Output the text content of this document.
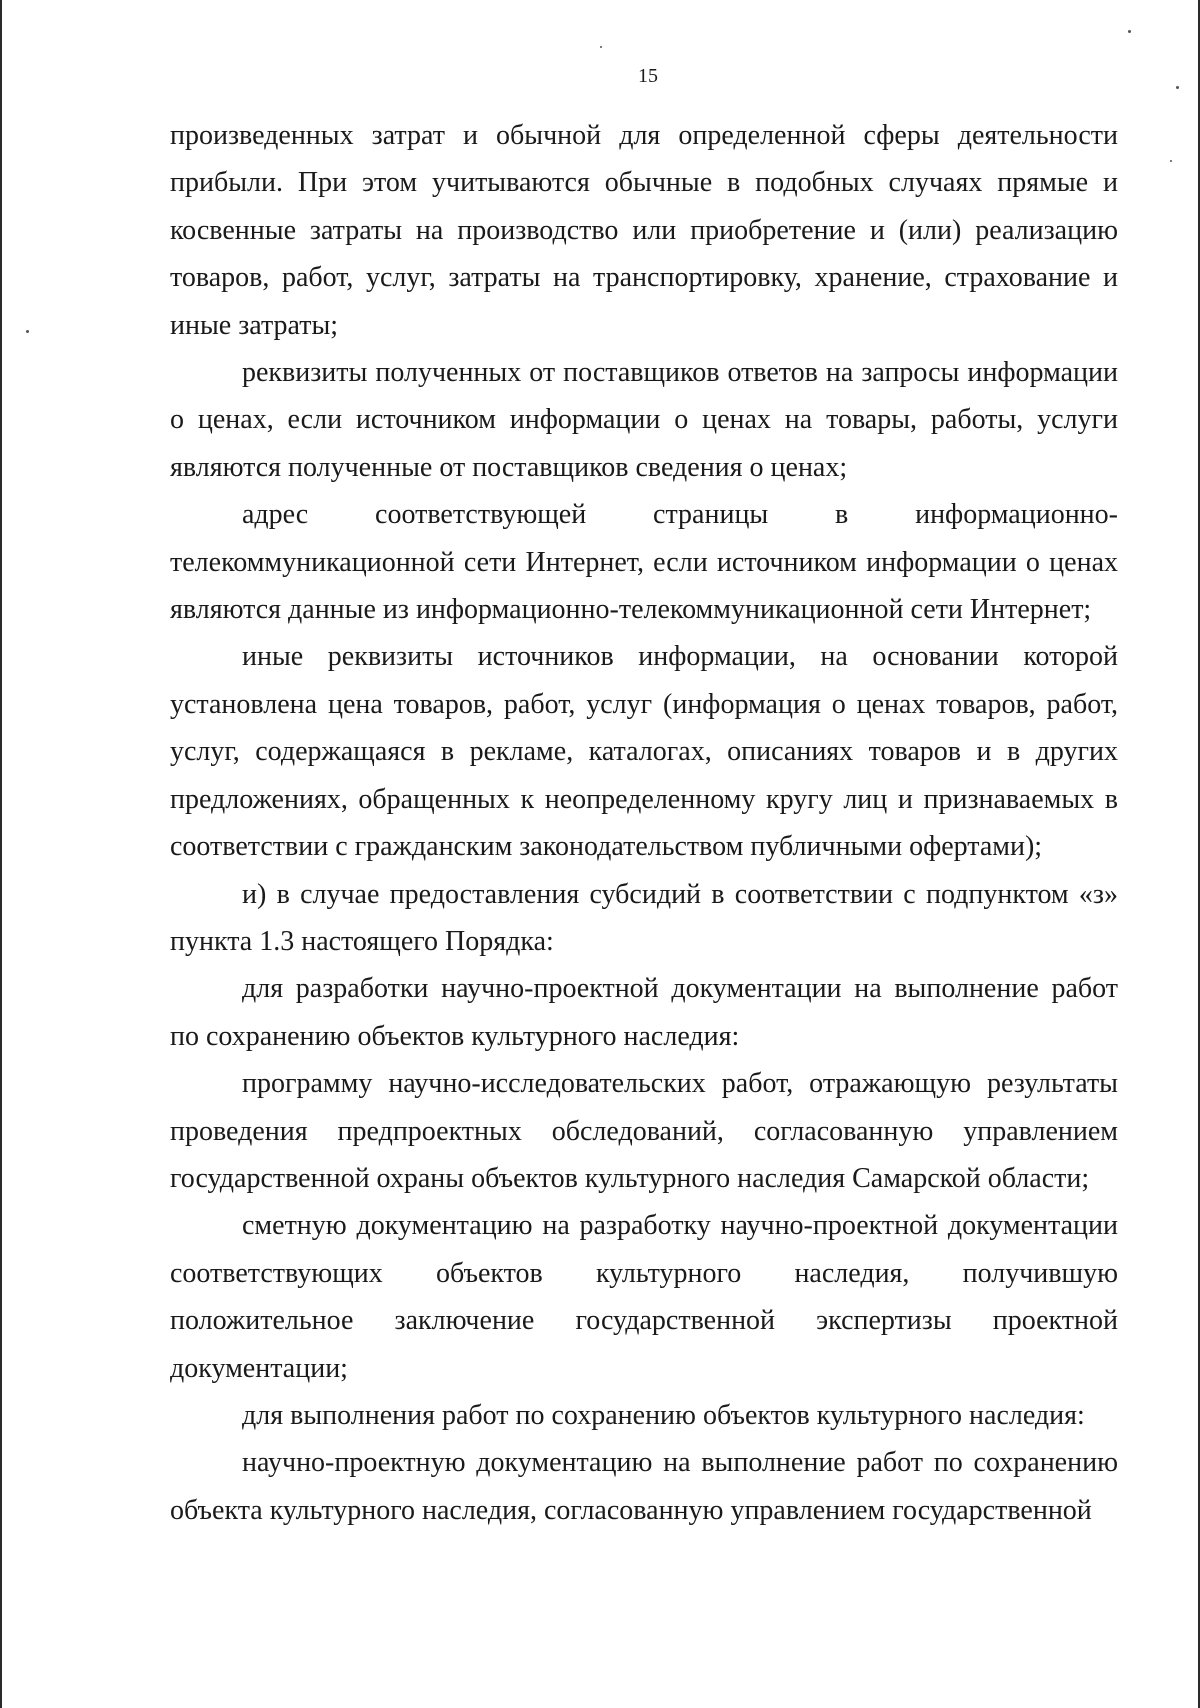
15

произведенных затрат и обычной для определенной сферы деятельности прибыли. При этом учитываются обычные в подобных случаях прямые и косвенные затраты на производство или приобретение и (или) реализацию товаров, работ, услуг, затраты на транспортировку, хранение, страхование и иные затраты;

реквизиты полученных от поставщиков ответов на запросы информации о ценах, если источником информации о ценах на товары, работы, услуги являются полученные от поставщиков сведения о ценах;

адрес соответствующей страницы в информационно-телекоммуникационной сети Интернет, если источником информации о ценах являются данные из информационно-телекоммуникационной сети Интернет;

иные реквизиты источников информации, на основании которой установлена цена товаров, работ, услуг (информация о ценах товаров, работ, услуг, содержащаяся в рекламе, каталогах, описаниях товаров и в других предложениях, обращенных к неопределенному кругу лиц и признаваемых в соответствии с гражданским законодательством публичными офертами);

и) в случае предоставления субсидий в соответствии с подпунктом «з» пункта 1.3 настоящего Порядка:

для разработки научно-проектной документации на выполнение работ по сохранению объектов культурного наследия:

программу научно-исследовательских работ, отражающую результаты проведения предпроектных обследований, согласованную управлением государственной охраны объектов культурного наследия Самарской области;

сметную документацию на разработку научно-проектной документации соответствующих объектов культурного наследия, получившую положительное заключение государственной экспертизы проектной документации;

для выполнения работ по сохранению объектов культурного наследия:

научно-проектную документацию на выполнение работ по сохранению объекта культурного наследия, согласованную управлением государственной
